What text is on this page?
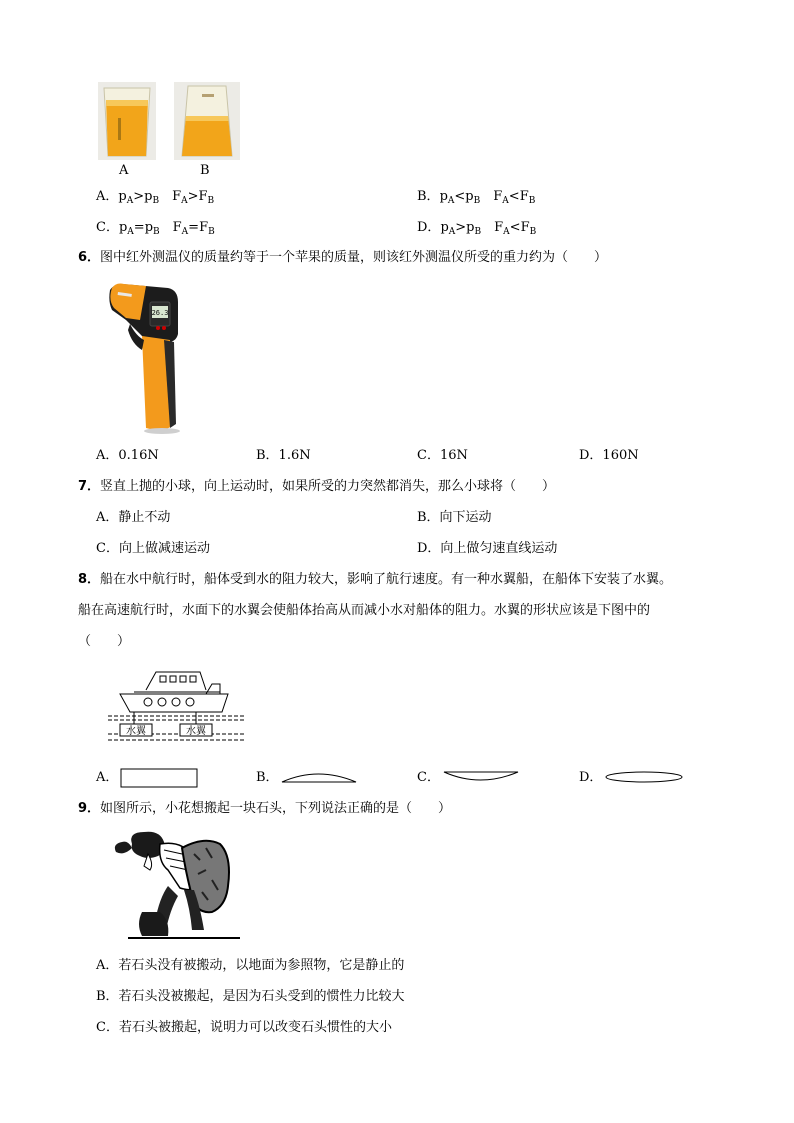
A	B
A．$p_A>p_B$  $F_A>F_B$	B．$p_A<p_B$  $F_A<F_B$
C．$p_A=p_B$  $F_A=F_B$	D．$p_A>p_B$  $F_A<F_B$
6．图中红外测温仪的质量约等于一个苹果的质量，则该红外测温仪所受的重力约为（　　）
26.3
A．0.16N	B．1.6N	C．16N	D．160N
7．竖直上抛的小球，向上运动时，如果所受的力突然都消失，那么小球将（　　）
A．静止不动	B．向下运动
C．向上做减速运动	D．向上做匀速直线运动
8．船在水中航行时，船体受到水的阻力较大，影响了航行速度。有一种水翼船，在船体下安装了水翼。
船在高速航行时，水面下的水翼会使船体抬高从而减小水对船体的阻力。水翼的形状应该是下图中的
（　　）
水翼	水翼
A．	B．	C．	D．
9．如图所示，小花想搬起一块石头，下列说法正确的是（　　）
A．若石头没有被搬动，以地面为参照物，它是静止的
B．若石头没被搬起，是因为石头受到的惯性力比较大
C．若石头被搬起，说明力可以改变石头惯性的大小
